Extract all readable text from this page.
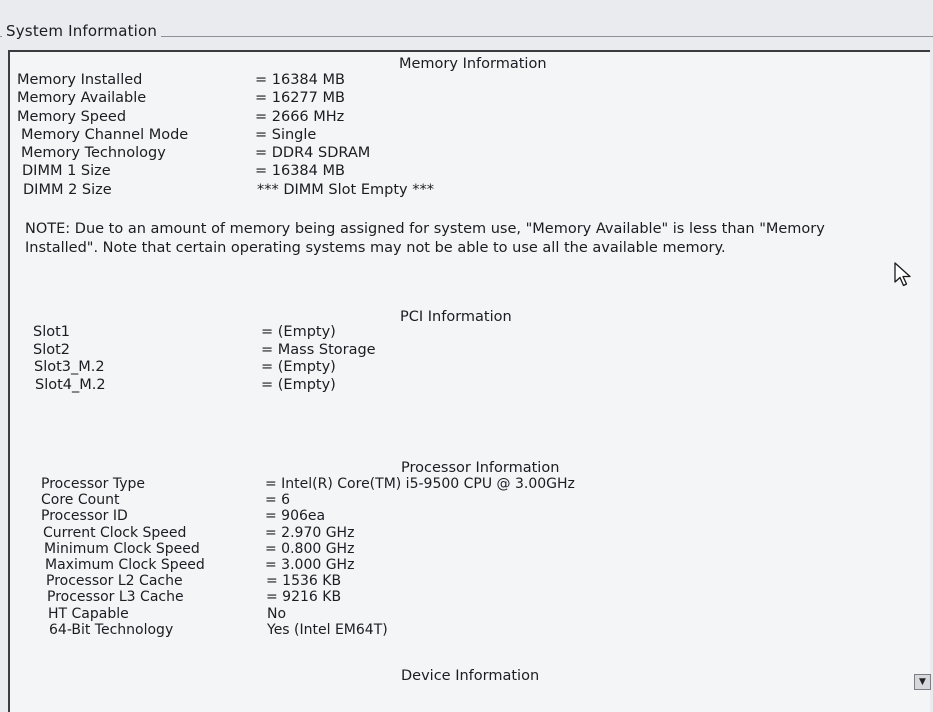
System Information
Memory Information
Memory Installed	= 16384 MB
Memory Available	= 16277 MB
Memory Speed	= 2666 MHz
Memory Channel Mode	= Single
Memory Technology	= DDR4 SDRAM
DIMM 1 Size	= 16384 MB
DIMM 2 Size	*** DIMM Slot Empty ***
NOTE: Due to an amount of memory being assigned for system use, "Memory Available" is less than "Memory Installed". Note that certain operating systems may not be able to use all the available memory.
PCI Information
Slot1	= (Empty)
Slot2	= Mass Storage
Slot3_M.2	= (Empty)
Slot4_M.2	= (Empty)
Processor Information
Processor Type	= Intel(R) Core(TM) i5-9500 CPU @ 3.00GHz
Core Count	= 6
Processor ID	= 906ea
Current Clock Speed	= 2.970 GHz
Minimum Clock Speed	= 0.800 GHz
Maximum Clock Speed	= 3.000 GHz
Processor L2 Cache	= 1536 KB
Processor L3 Cache	= 9216 KB
HT Capable	No
64-Bit Technology	Yes (Intel EM64T)
Device Information	▼
